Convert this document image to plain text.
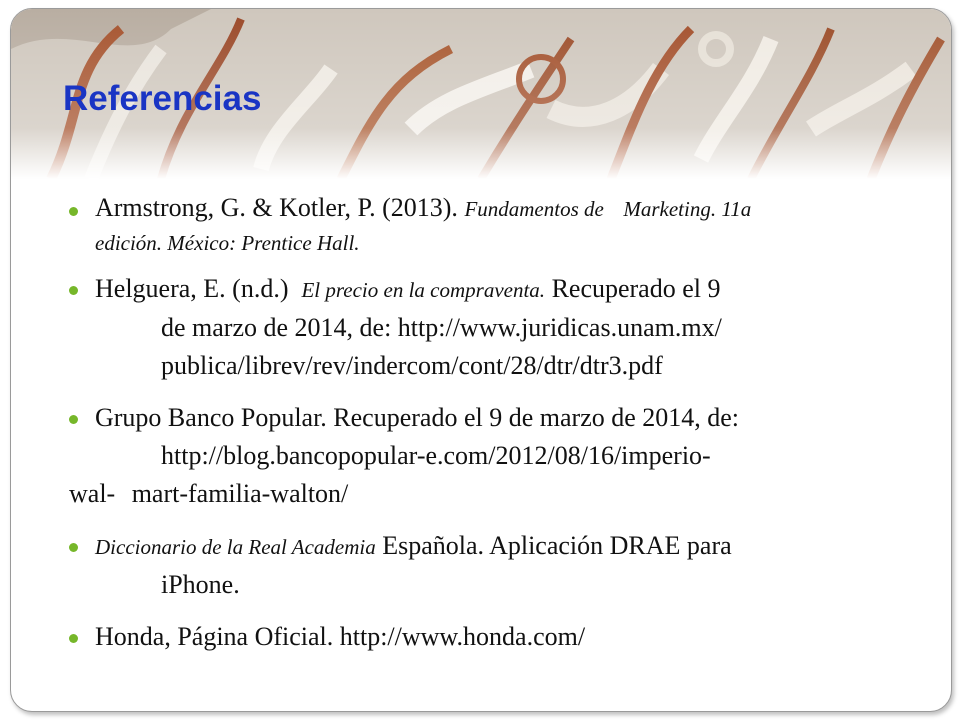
Referencias
Armstrong, G. & Kotler, P. (2013). Fundamentos de Marketing. 11a
edición. México: Prentice Hall.
Helguera, E. (n.d.) El precio en la compraventa. Recuperado el 9
de marzo de 2014, de: http://www.juridicas.unam.mx/
publica/librev/rev/indercom/cont/28/dtr/dtr3.pdf
Grupo Banco Popular. Recuperado el 9 de marzo de 2014, de:
http://blog.bancopopular-e.com/2012/08/16/imperio-
wal- mart-familia-walton/
Diccionario de la Real Academia Española. Aplicación DRAE para
iPhone.
Honda, Página Oficial. http://www.honda.com/
